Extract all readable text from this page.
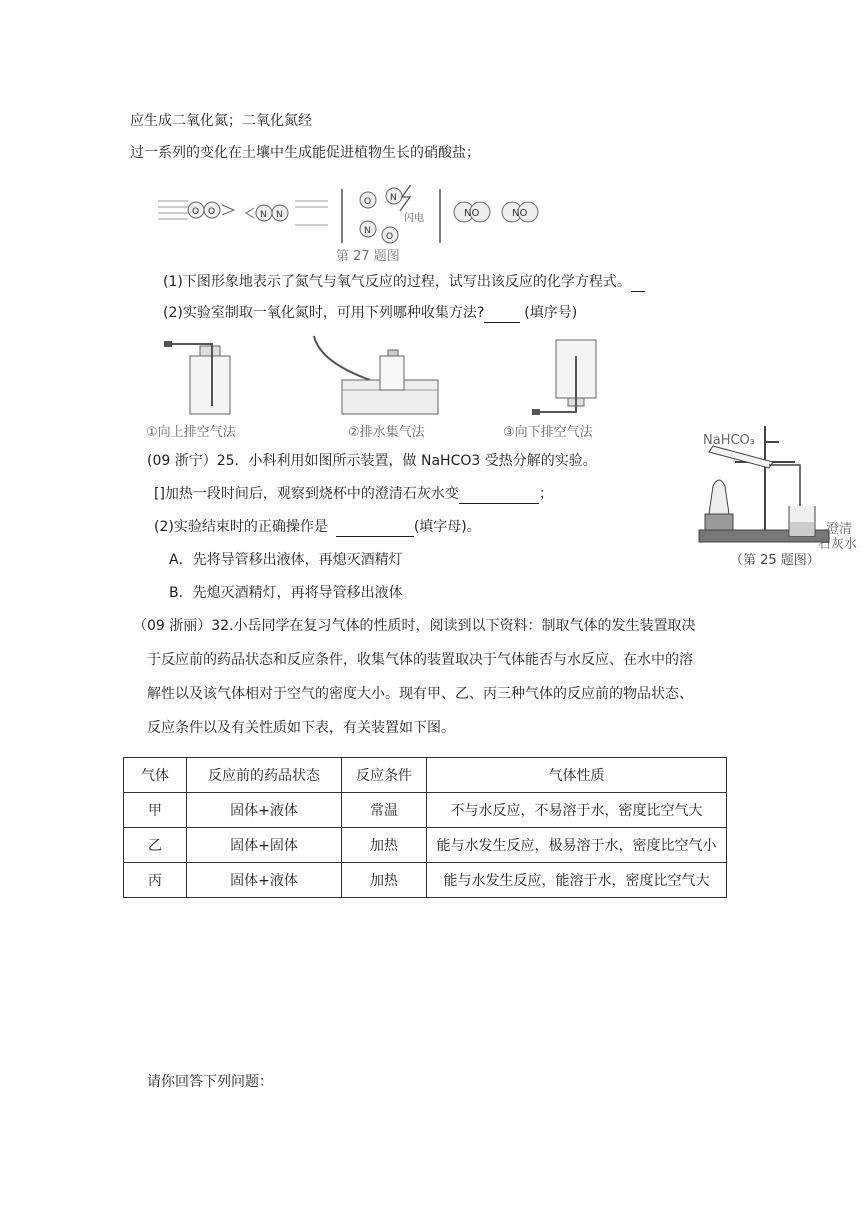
应生成二氧化氮；二氧化氮经
过一系列的变化在土壤中生成能促进植物生长的硝酸盐；
O O	N N
O N
N
O
闪电	NO	NO
第 27 题图
(1)下图形象地表示了氮气与氧气反应的过程，试写出该反应的化学方程式。
(2)实验室制取一氧化氮时，可用下列哪种收集方法?	(填序号)
①向上排空气法	②排水集气法	③向下排空气法
(09 浙宁）25．小科利用如图所示装置，做 NaHCO3 受热分解的实验。
[]加热一段时间后，观察到烧杯中的澄清石灰水变	；
(2)实验结束时的正确操作是	(填字母)。
A．先将导管移出液体，再熄灭酒精灯
B．先熄灭酒精灯，再将导管移出液体
NaHCO₃
澄清
石灰水
（第 25 题图）
（09 浙丽）32.小岳同学在复习气体的性质时，阅读到以下资料：制取气体的发生装置取决
于反应前的药品状态和反应条件，收集气体的装置取决于气体能否与水反应、在水中的溶
解性以及该气体相对于空气的密度大小。现有甲、乙、丙三种气体的反应前的物品状态、
反应条件以及有关性质如下表，有关装置如下图。
气体	反应前的药品状态	反应条件	气体性质
甲	固体+液体	常温	不与水反应，不易溶于水，密度比空气大
乙	固体+固体	加热	能与水发生反应，极易溶于水，密度比空气小
丙	固体+液体	加热	能与水发生反应，能溶于水，密度比空气大
请你回答下列问题：
